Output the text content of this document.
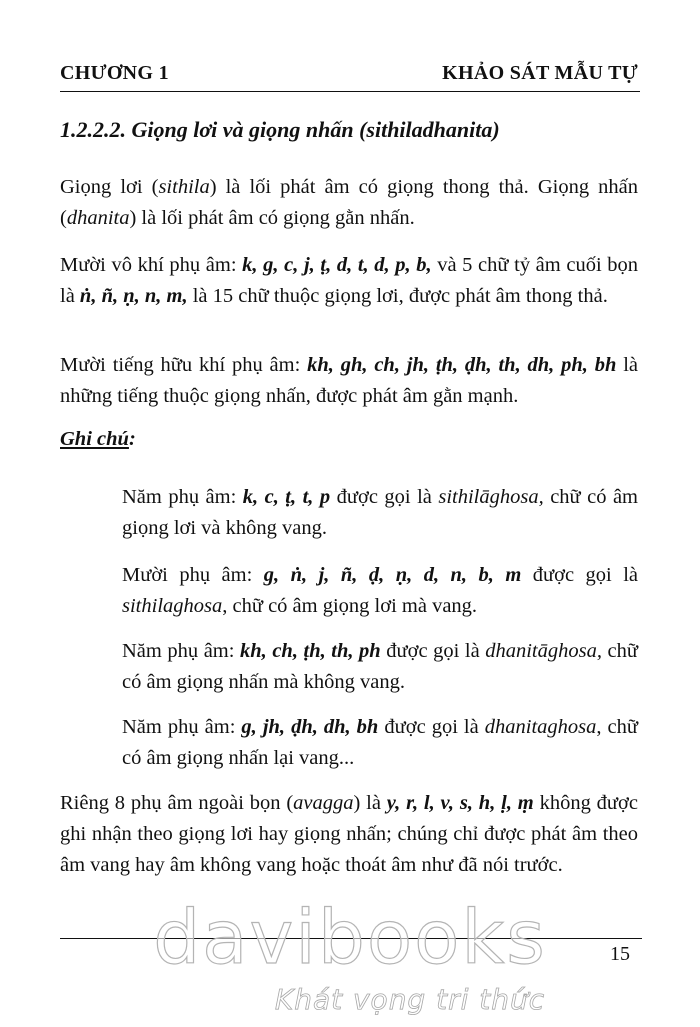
CHƯƠNG 1	KHẢO SÁT MẪU TỰ
1.2.2.2. Giọng lơi và giọng nhấn (sithiladhanita)
Giọng lơi (sithila) là lối phát âm có giọng thong thả. Giọng nhấn (dhanita) là lối phát âm có giọng gằn nhấn.
Mười vô khí phụ âm: k, g, c, j, ṭ, d, t, d, p, b, và 5 chữ tỷ âm cuối bọn là ṅ, ñ, ṇ, n, m, là 15 chữ thuộc giọng lơi, được phát âm thong thả.
Mười tiếng hữu khí phụ âm: kh, gh, ch, jh, ṭh, ḍh, th, dh, ph, bh là những tiếng thuộc giọng nhấn, được phát âm gằn mạnh.
Ghi chú:
Năm phụ âm: k, c, ṭ, t, p được gọi là sithilāghosa, chữ có âm giọng lơi và không vang.
Mười phụ âm: g, ṅ, j, ñ, ḍ, ṇ, d, n, b, m được gọi là sithilaghosa, chữ có âm giọng lơi mà vang.
Năm phụ âm: kh, ch, ṭh, th, ph được gọi là dhanitāghosa, chữ có âm giọng nhấn mà không vang.
Năm phụ âm: g, jh, ḍh, dh, bh được gọi là dhanitaghosa, chữ có âm giọng nhấn lại vang...
Riêng 8 phụ âm ngoài bọn (avagga) là y, r, l, v, s, h, ḷ, ṃ không được ghi nhận theo giọng lơi hay giọng nhấn; chúng chỉ được phát âm theo âm vang hay âm không vang hoặc thoát âm như đã nói trước.
15
davibooks
Khát vọng tri thức
